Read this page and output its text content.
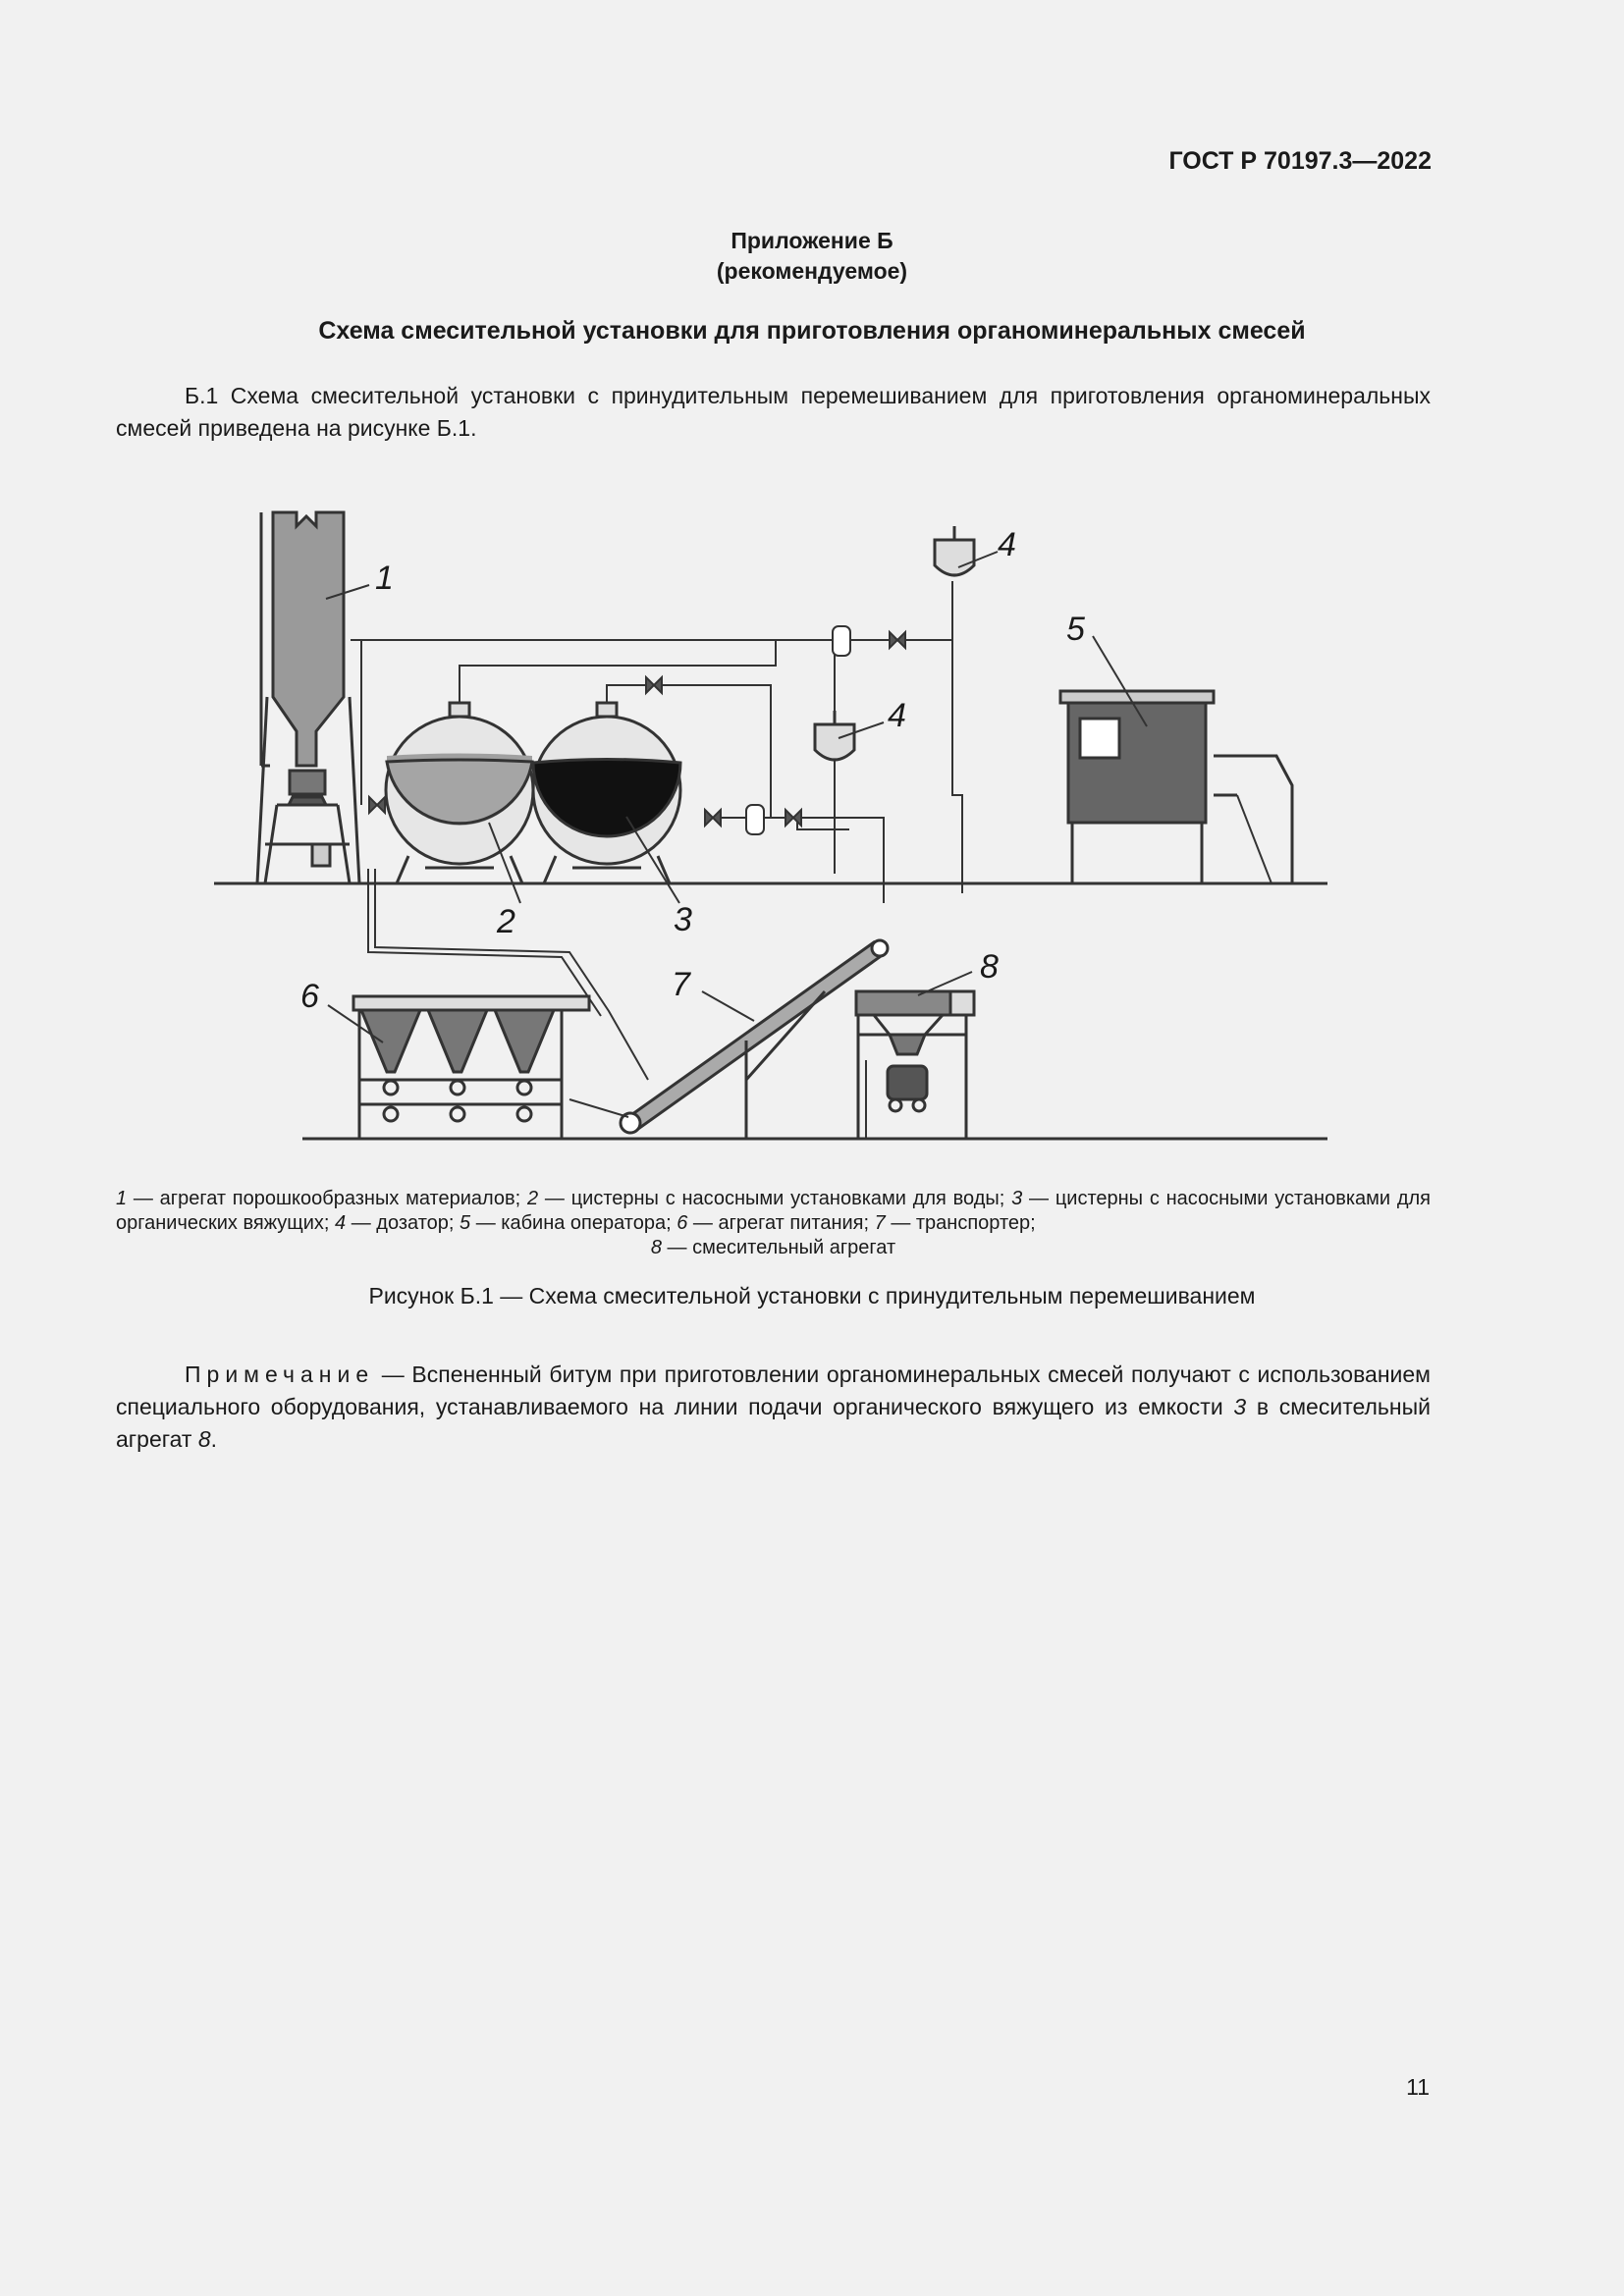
ГОСТ Р 70197.3—2022
Приложение Б
(рекомендуемое)
Схема смесительной установки для приготовления органоминеральных смесей
Б.1 Схема смесительной установки с принудительным перемешиванием для приготовления органоминеральных смесей приведена на рисунке Б.1.
1
2	3
4
4
5
6	7	8
1 — агрегат порошкообразных материалов; 2 — цистерны с насосными установками для воды; 3 — цистерны с насосными установками для органических вяжущих; 4 — дозатор; 5 — кабина оператора; 6 — агрегат питания; 7 — транспортер;
8 — смесительный агрегат
Рисунок Б.1 — Схема смесительной установки с принудительным перемешиванием
Примечание — Вспененный битум при приготовлении органоминеральных смесей получают с использованием специального оборудования, устанавливаемого на линии подачи органического вяжущего из емкости 3 в смесительный агрегат 8.
11
